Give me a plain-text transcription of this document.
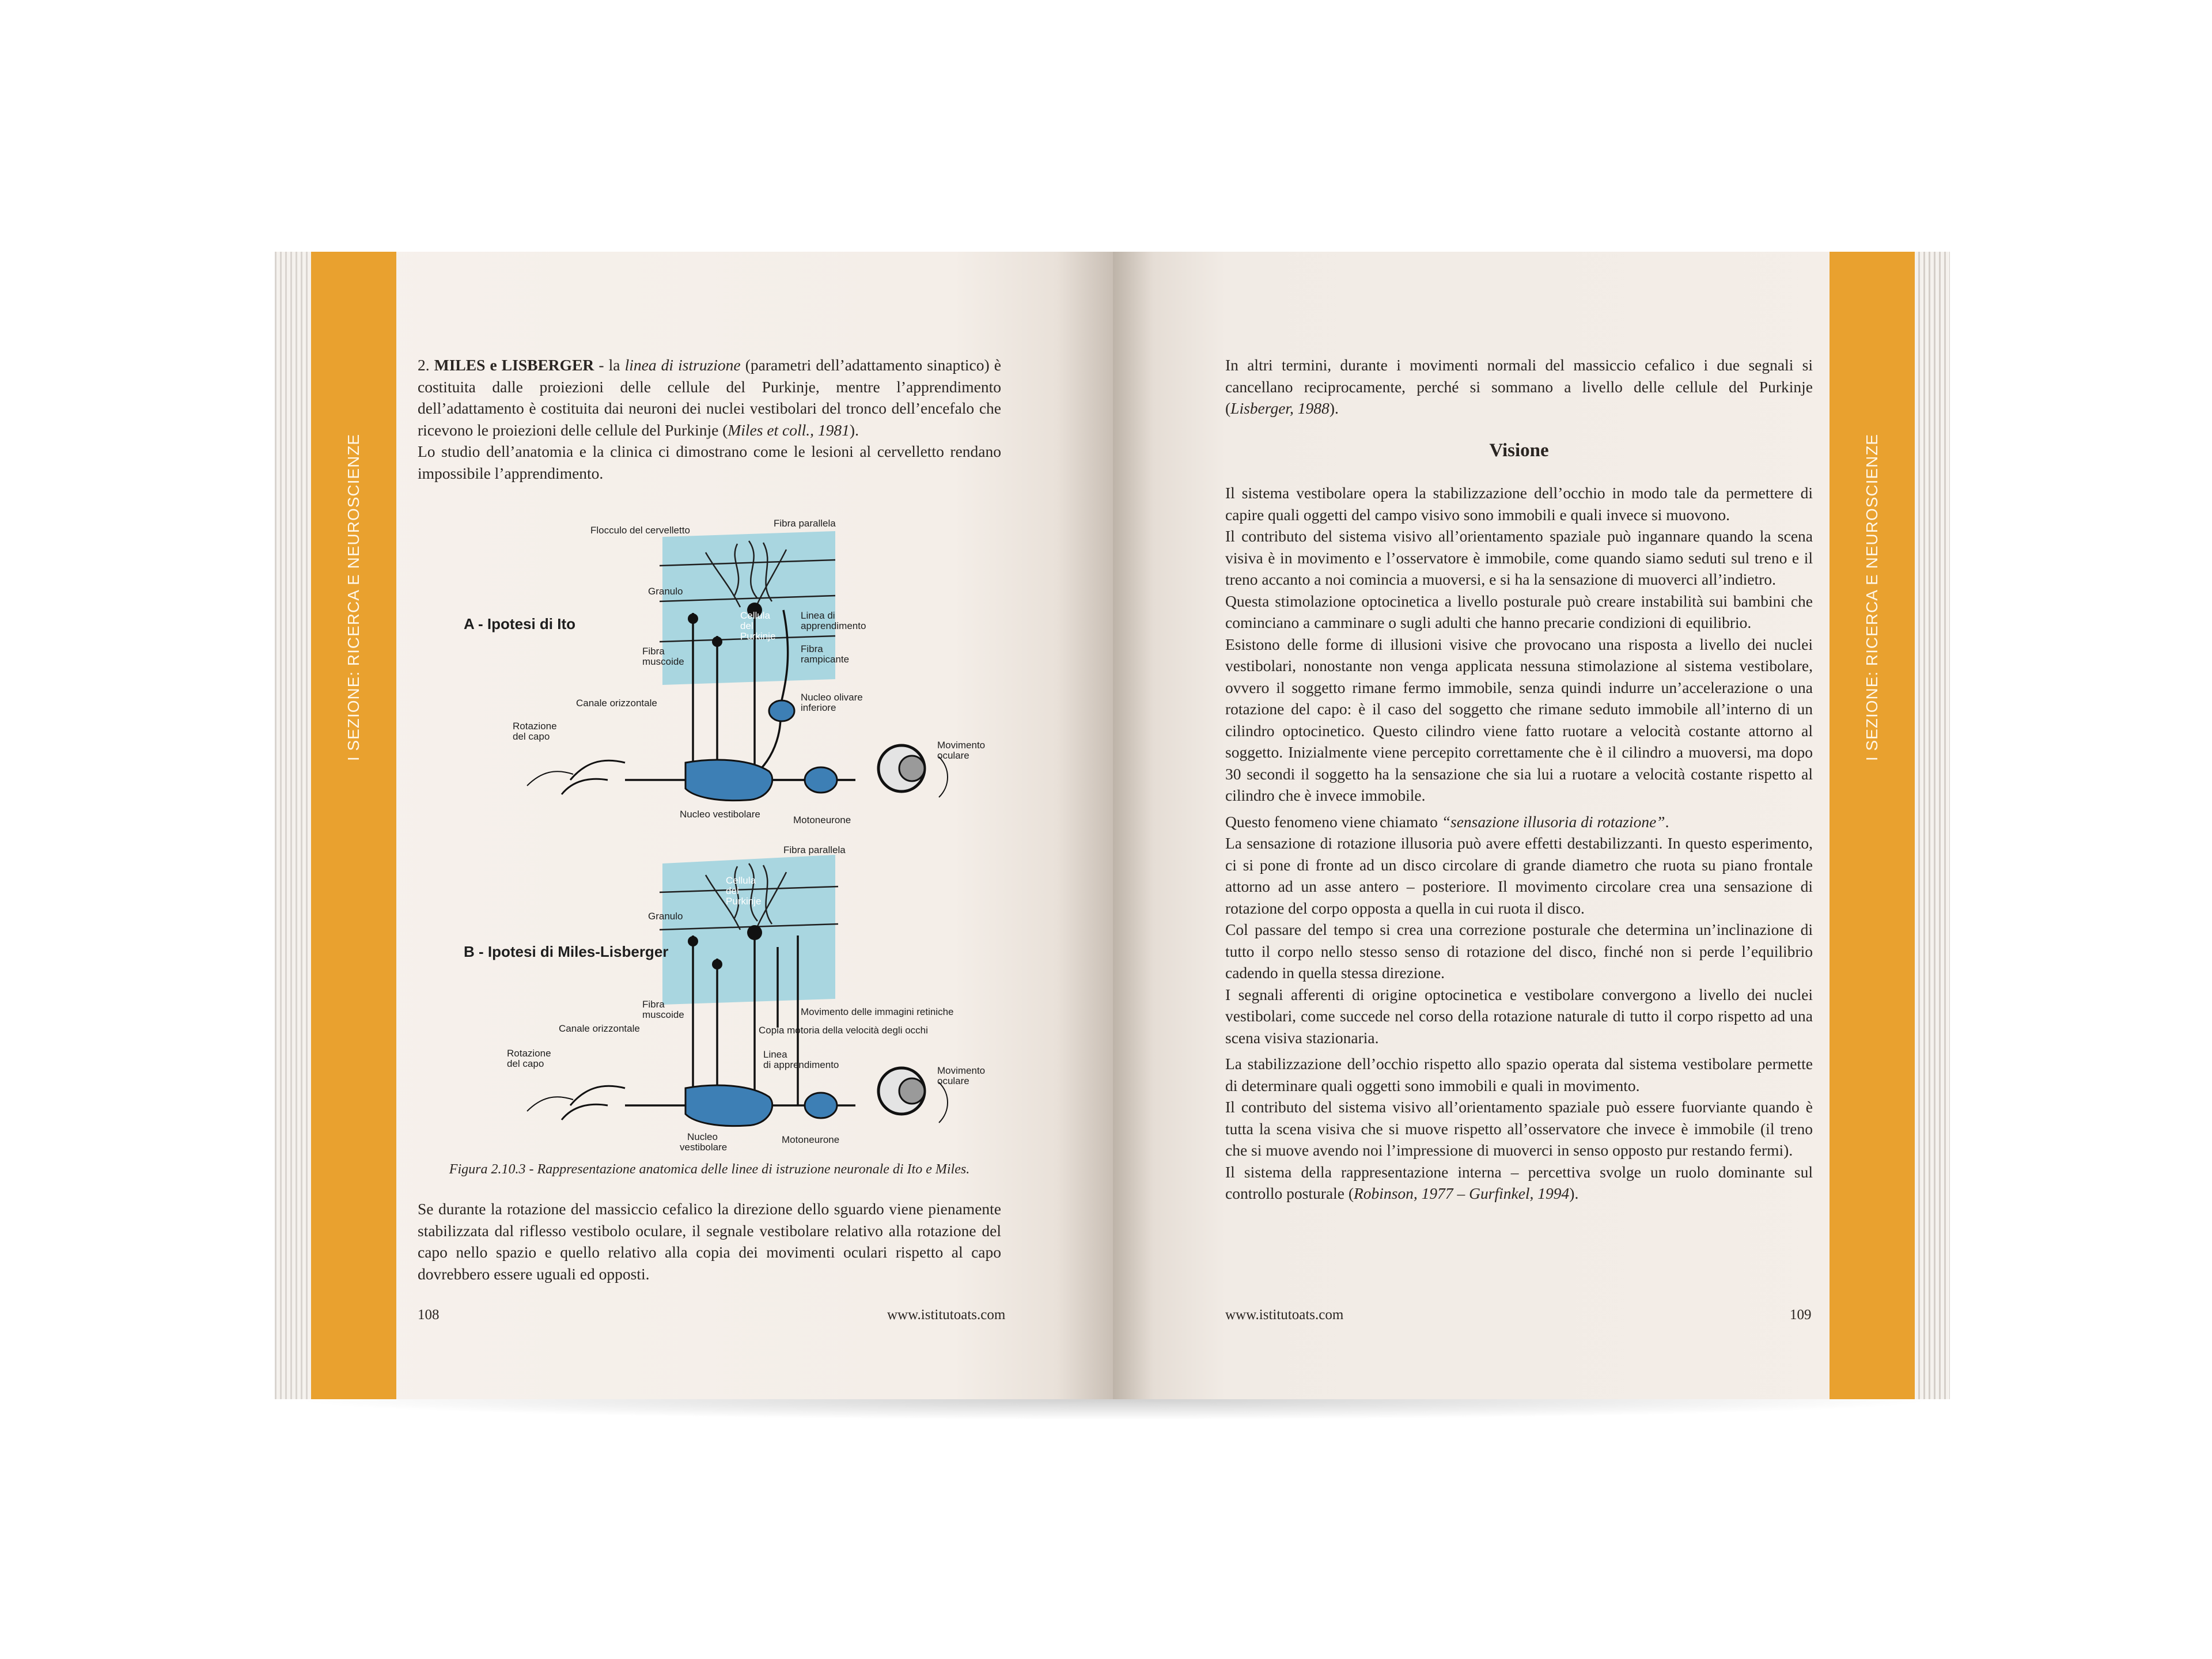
I SEZIONE: RICERCA E NEUROSCIENZE

2. MILES e LISBERGER - la linea di istruzione (parametri dell’adattamento sinaptico) è costituita dalle proiezioni delle cellule del Purkinje, mentre l’apprendimento dell’adattamento è costituita dai neuroni dei nuclei vestibolari del tronco dell’encefalo che ricevono le proiezioni delle cellule del Purkinje (Miles et coll., 1981).

Lo studio dell’anatomia e la clinica ci dimostrano come le lesioni al cervelletto rendano impossibile l’apprendimento.

A - Ipotesi di Ito
Flocculo del cervelletto
Fibra parallela
Granulo
Cellula
del
Purkinje
Linea di
apprendimento
Fibra
muscoide
Fibra
rampicante
Nucleo olivare
inferiore
Canale orizzontale
Rotazione
del capo
Movimento
oculare
Nucleo vestibolare
Motoneurone
B - Ipotesi di Miles-Lisberger
Fibra parallela
Granulo
Cellula
del
Purkinje
Fibra
muscoide	Movimento delle immagini retiniche
Canale orizzontale	Copia motoria della velocità degli occhi
Rotazione
del capo
Linea
di apprendimento
Movimento
oculare
Nucleo
vestibolare
Motoneurone
Figura 2.10.3 - Rappresentazione anatomica delle linee di istruzione neuronale di Ito e Miles.

Se durante la rotazione del massiccio cefalico la direzione dello sguardo viene pienamente stabilizzata dal riflesso vestibolo oculare, il segnale vestibolare relativo alla rotazione del capo nello spazio e quello relativo alla copia dei movimenti oculari rispetto al capo dovrebbero essere uguali ed opposti.

108	www.istitutoats.com
I SEZIONE: RICERCA E NEUROSCIENZE

In altri termini, durante i movimenti normali del massiccio cefalico i due segnali si cancellano reciprocamente, perché si sommano a livello delle cellule del Purkinje (Lisberger, 1988).

Visione

Il sistema vestibolare opera la stabilizzazione dell’occhio in modo tale da permettere di capire quali oggetti del campo visivo sono immobili e quali invece si muovono.

Il contributo del sistema visivo all’orientamento spaziale può ingannare quando la scena visiva è in movimento e l’osservatore è immobile, come quando siamo seduti sul treno e il treno accanto a noi comincia a muoversi, e si ha la sensazione di muoverci all’indietro.

Questa stimolazione optocinetica a livello posturale può creare instabilità sui bambini che cominciano a camminare o sugli adulti che hanno precarie condizioni di equilibrio.

Esistono delle forme di illusioni visive che provocano una risposta a livello dei nuclei vestibolari, nonostante non venga applicata nessuna stimolazione al sistema vestibolare, ovvero il soggetto rimane fermo immobile, senza quindi indurre un’accelerazione o una rotazione del capo: è il caso del soggetto che rimane seduto immobile all’interno di un cilindro optocinetico. Questo cilindro viene fatto ruotare a velocità costante attorno al soggetto. Inizialmente viene percepito correttamente che è il cilindro a muoversi, ma dopo 30 secondi il soggetto ha la sensazione che sia lui a ruotare a velocità costante rispetto al cilindro che è invece immobile.

Questo fenomeno viene chiamato “sensazione illusoria di rotazione”.

La sensazione di rotazione illusoria può avere effetti destabilizzanti. In questo esperimento, ci si pone di fronte ad un disco circolare di grande diametro che ruota su piano frontale attorno ad un asse antero – posteriore. Il movimento circolare crea una sensazione di rotazione del corpo opposta a quella in cui ruota il disco.

Col passare del tempo si crea una correzione posturale che determina un’inclinazione di tutto il corpo nello stesso senso di rotazione del disco, finché non si perde l’equilibrio cadendo in quella stessa direzione.

I segnali afferenti di origine optocinetica e vestibolare convergono a livello dei nuclei vestibolari, come succede nel corso della rotazione naturale di tutto il corpo rispetto ad una scena visiva stazionaria.

La stabilizzazione dell’occhio rispetto allo spazio operata dal sistema vestibolare permette di determinare quali oggetti sono immobili e quali in movimento.

Il contributo del sistema visivo all’orientamento spaziale può essere fuorviante quando è tutta la scena visiva che si muove rispetto all’osservatore che invece è immobile (il treno che si muove avendo noi l’impressione di muoverci in senso opposto pur restando fermi).

Il sistema della rappresentazione interna – percettiva svolge un ruolo dominante sul controllo posturale (Robinson, 1977 – Gurfinkel, 1994).

www.istitutoats.com	109
